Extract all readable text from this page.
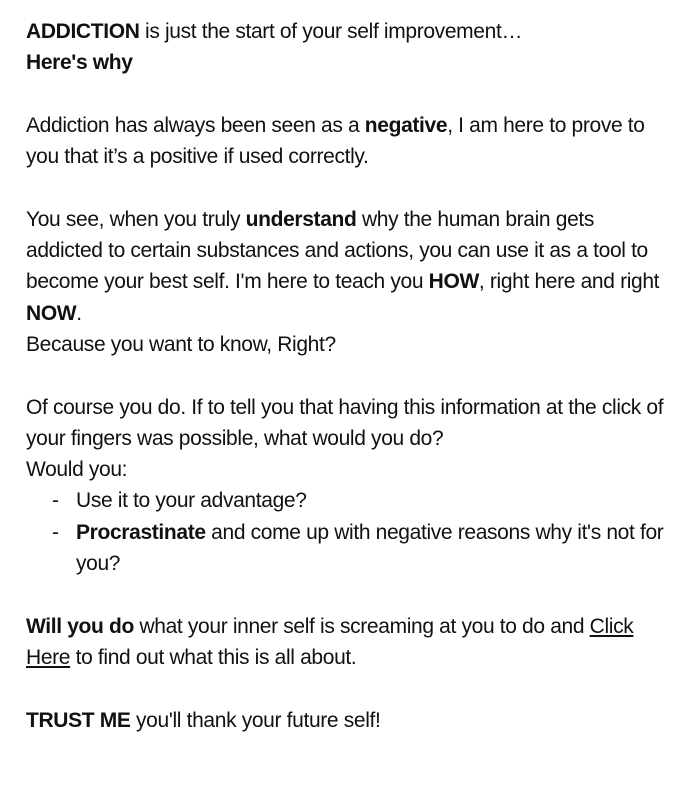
ADDICTION is just the start of your self improvement…

Here's why

Addiction has always been seen as a negative, I am here to prove to you that it’s a positive if used correctly.

You see, when you truly understand why the human brain gets addicted to certain substances and actions, you can use it as a tool to become your best self. I'm here to teach you HOW, right here and right NOW.

Because you want to know, Right?

Of course you do. If to tell you that having this information at the click of your fingers was possible, what would you do?

Would you:

- Use it to your advantage?
- Procrastinate and come up with negative reasons why it's not for you?

Will you do what your inner self is screaming at you to do and Click Here to find out what this is all about.

TRUST ME you'll thank your future self!
